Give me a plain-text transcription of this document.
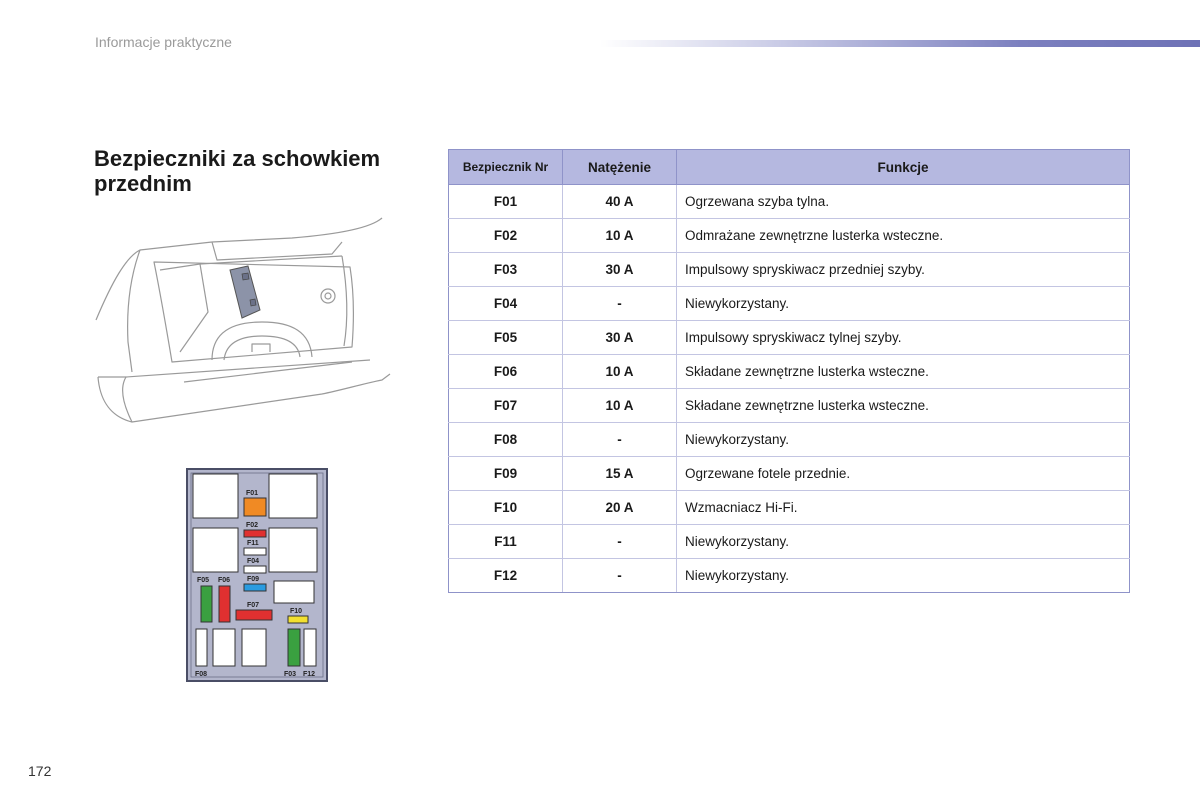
Informacje praktyczne
Bezpieczniki za schowkiem przednim
F01
F02
F11
F04
F05 F06 F09
F07
F10
F08	F03 F12
Bezpiecznik Nr	Natężenie	Funkcje
F01	40 A	Ogrzewana szyba tylna.
F02	10 A	Odmrażane zewnętrzne lusterka wsteczne.
F03	30 A	Impulsowy spryskiwacz przedniej szyby.
F04	-	Niewykorzystany.
F05	30 A	Impulsowy spryskiwacz tylnej szyby.
F06	10 A	Składane zewnętrzne lusterka wsteczne.
F07	10 A	Składane zewnętrzne lusterka wsteczne.
F08	-	Niewykorzystany.
F09	15 A	Ogrzewane fotele przednie.
F10	20 A	Wzmacniacz Hi-Fi.
F11	-	Niewykorzystany.
F12	-	Niewykorzystany.
172
